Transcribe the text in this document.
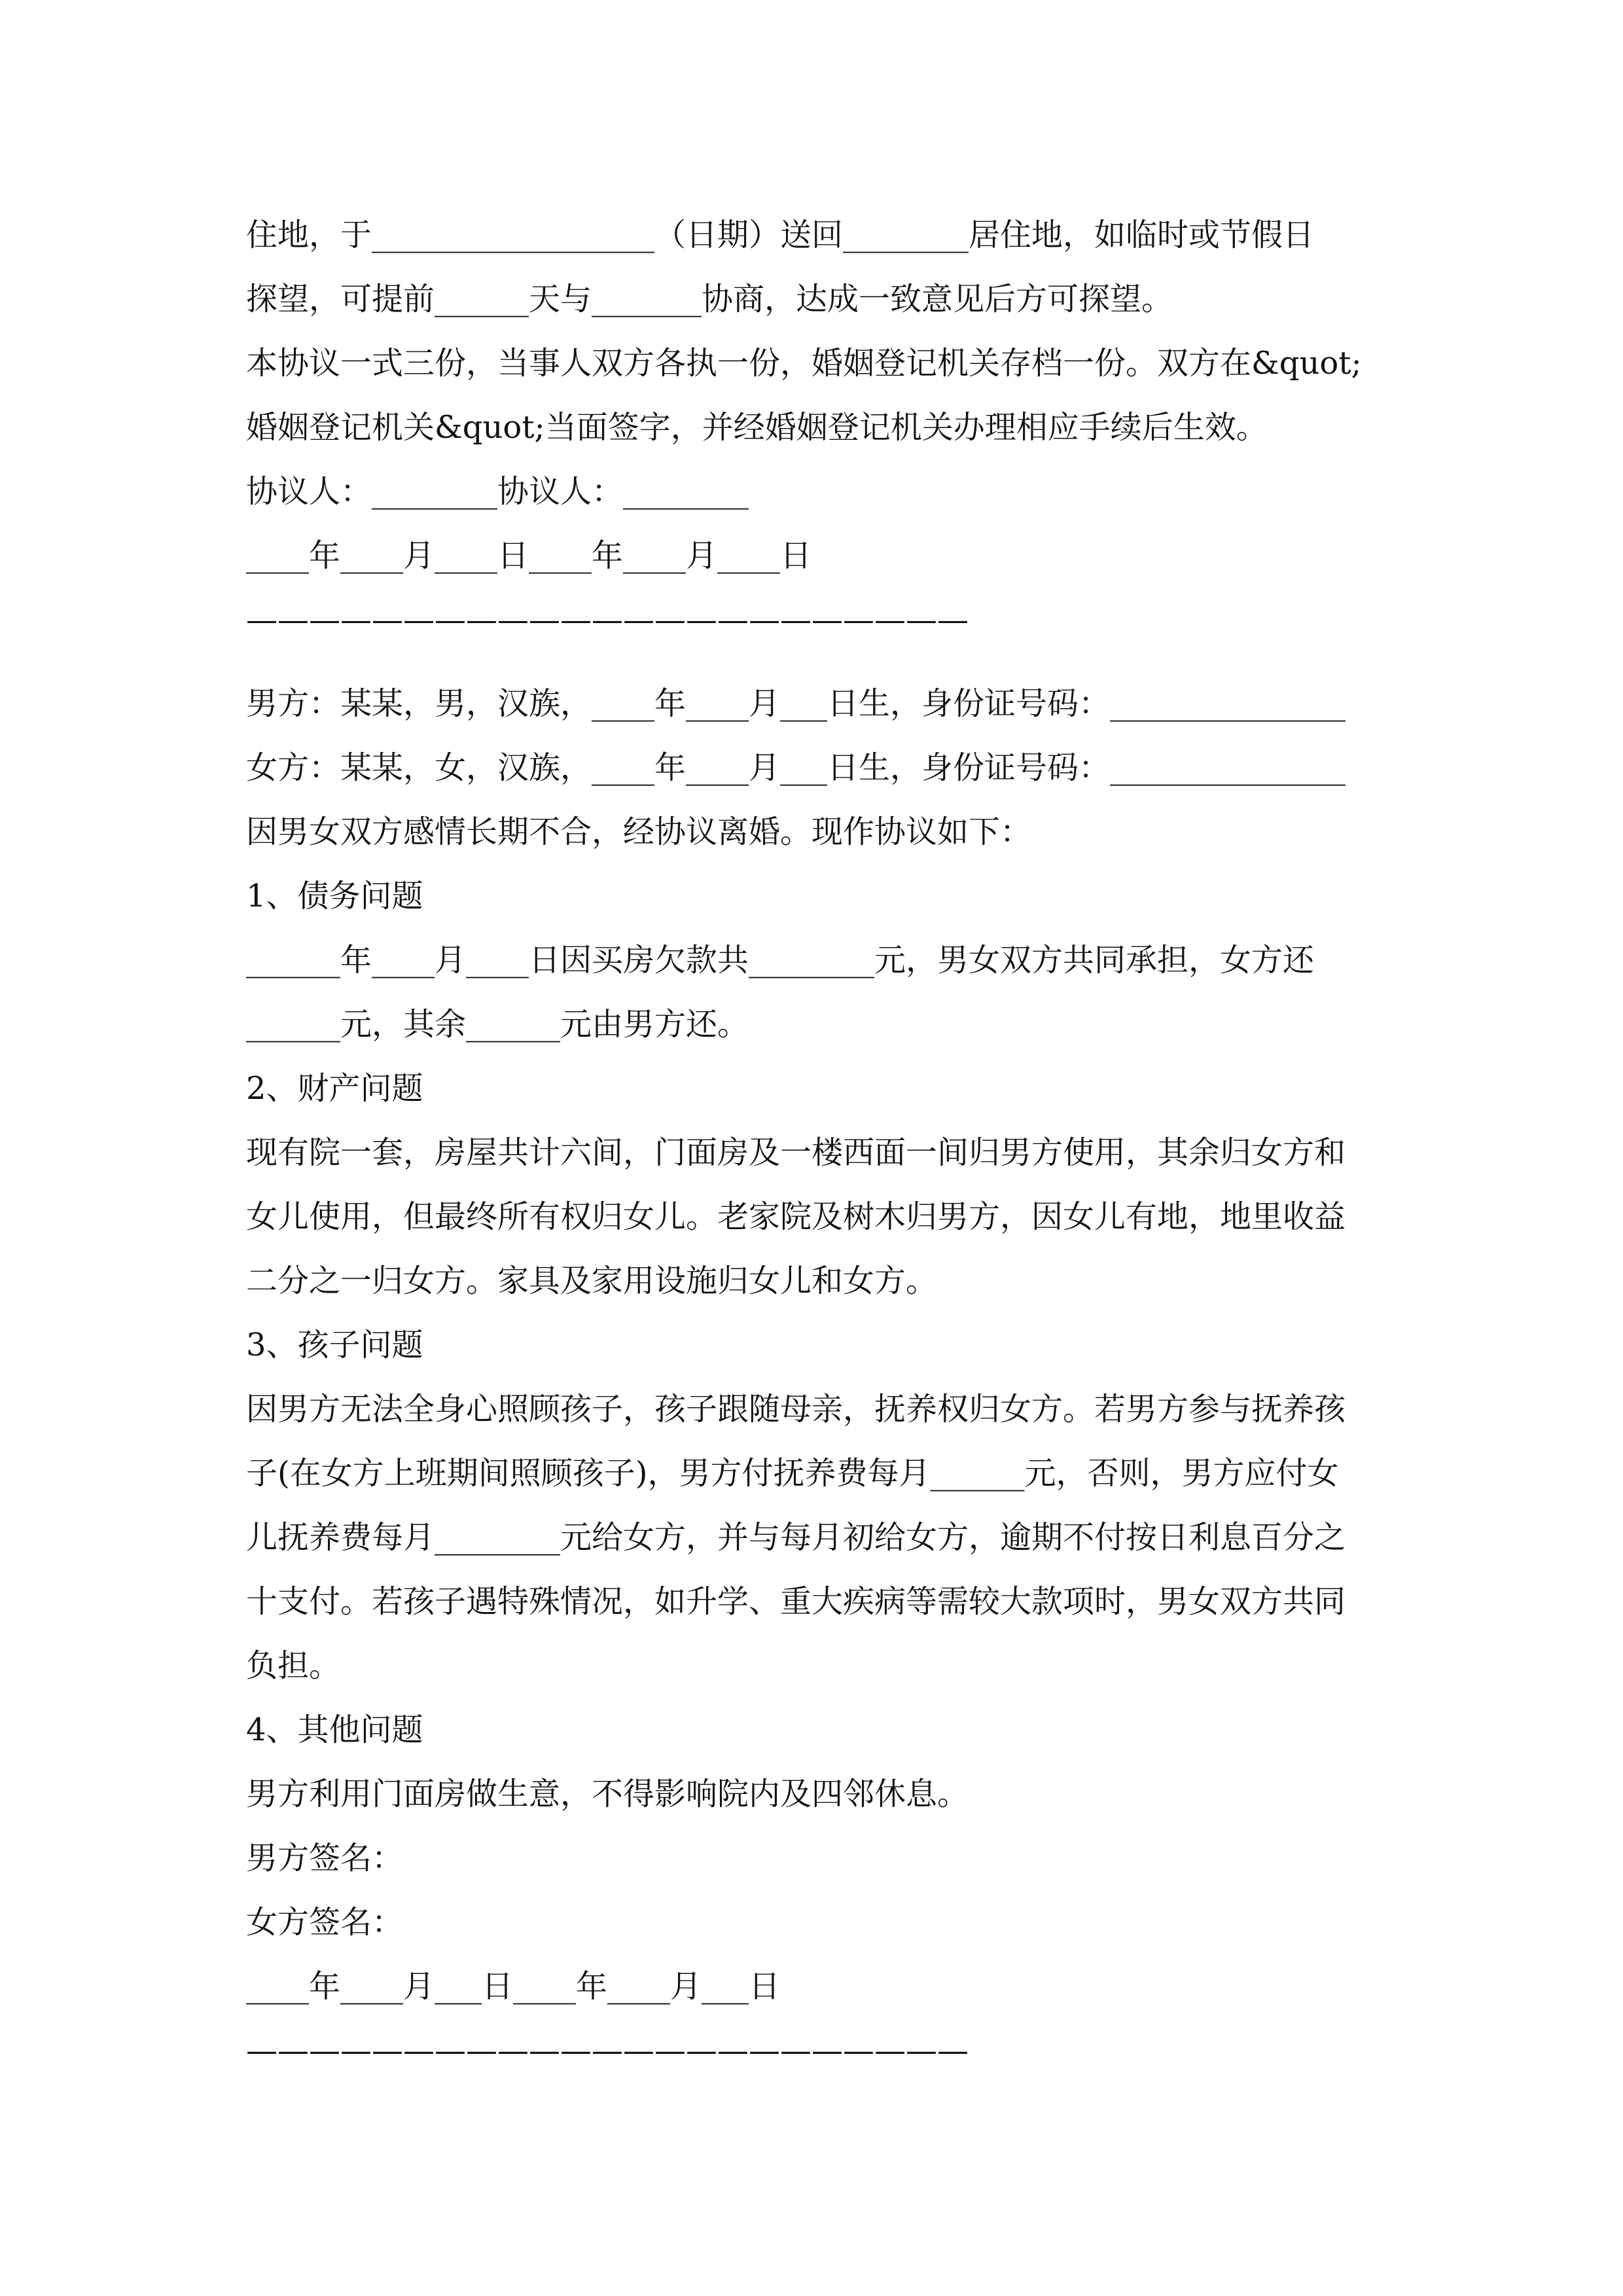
住地，于__________________（日期）送回________居住地，如临时或节假日
探望，可提前______天与_______协商，达成一致意见后方可探望。
本协议一式三份，当事人双方各执一份，婚姻登记机关存档一份。双方在&quot;
婚姻登记机关&quot;当面签字，并经婚姻登记机关办理相应手续后生效。
协议人：________协议人：________
____年____月____日____年____月____日
———————————————————————
男方：某某，男，汉族，____年____月___日生，身份证号码：_______________
女方：某某，女，汉族，____年____月___日生，身份证号码：_______________
因男女双方感情长期不合，经协议离婚。现作协议如下：
1、债务问题
______年____月____日因买房欠款共________元，男女双方共同承担，女方还
______元，其余______元由男方还。
2、财产问题
现有院一套，房屋共计六间，门面房及一楼西面一间归男方使用，其余归女方和
女儿使用，但最终所有权归女儿。老家院及树木归男方，因女儿有地，地里收益
二分之一归女方。家具及家用设施归女儿和女方。
3、孩子问题
因男方无法全身心照顾孩子，孩子跟随母亲，抚养权归女方。若男方参与抚养孩
子(在女方上班期间照顾孩子)，男方付抚养费每月______元，否则，男方应付女
儿抚养费每月________元给女方，并与每月初给女方，逾期不付按日利息百分之
十支付。若孩子遇特殊情况，如升学、重大疾病等需较大款项时，男女双方共同
负担。
4、其他问题
男方利用门面房做生意，不得影响院内及四邻休息。
男方签名：
女方签名：
____年____月___日____年____月___日
———————————————————————
